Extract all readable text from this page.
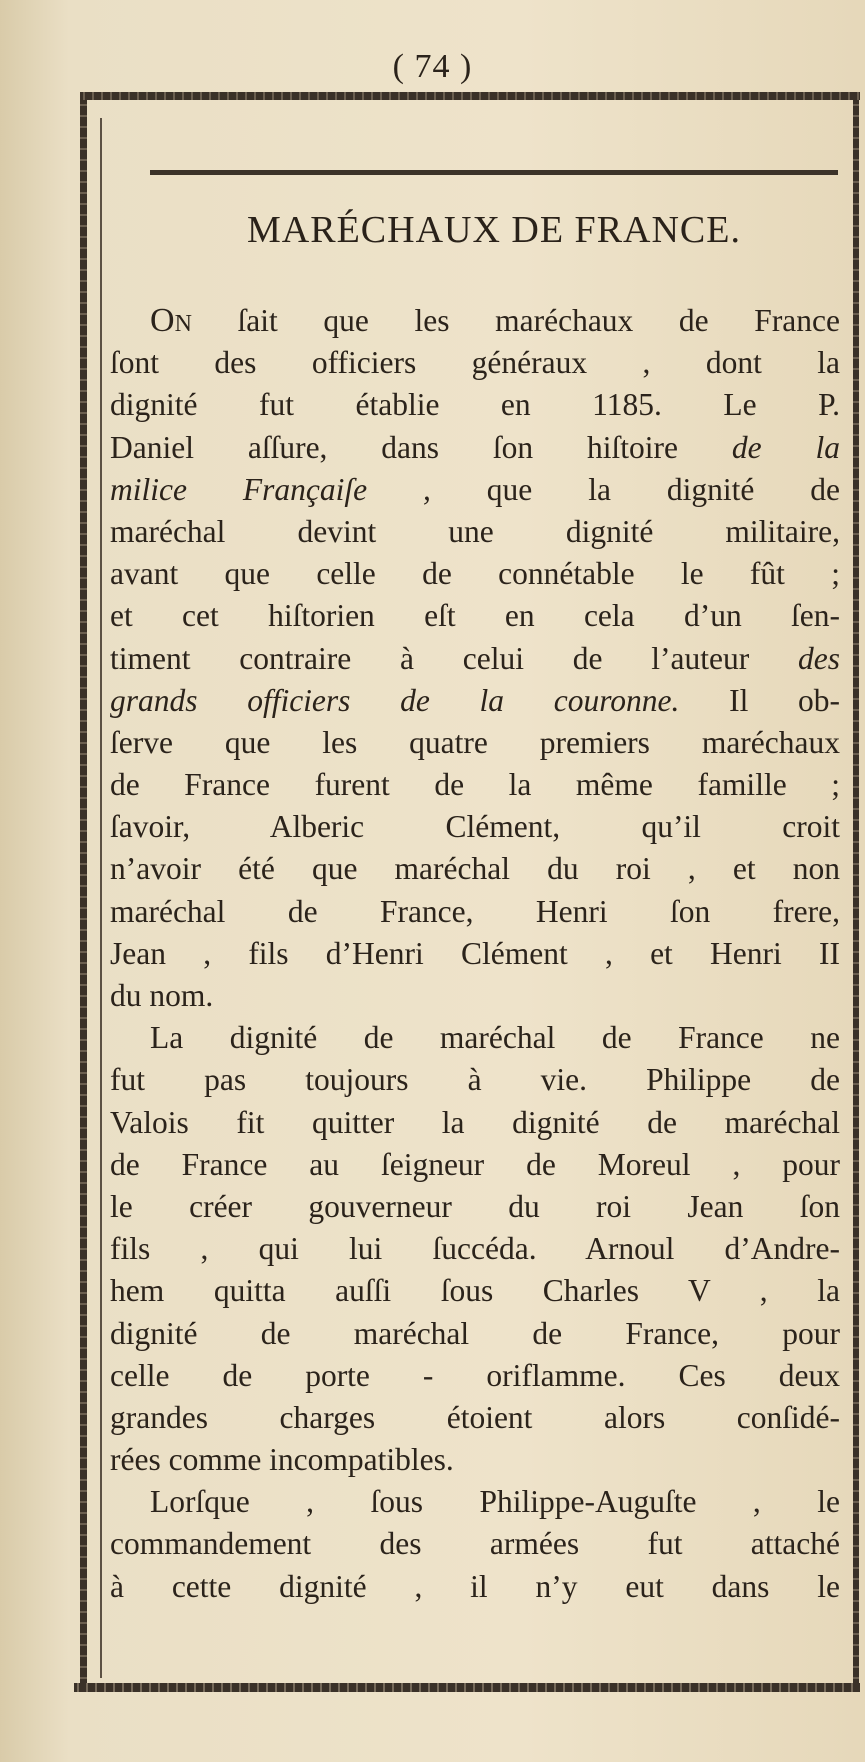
( 74 )
MARÉCHAUX DE FRANCE.
ON ſait que les maréchaux de France
ſont des officiers généraux , dont la
dignité fut établie en 1185. Le P.
Daniel aſſure, dans ſon hiſtoire de la
milice Françaiſe , que la dignité de
maréchal devint une dignité militaire,
avant que celle de connétable le fût ;
et cet hiſtorien eſt en cela d’un ſen-
timent contraire à celui de l’auteur des
grands officiers de la couronne. Il ob-
ſerve que les quatre premiers maréchaux
de France furent de la même famille ;
ſavoir, Alberic Clément, qu’il croit
n’avoir été que maréchal du roi , et non
maréchal de France, Henri ſon frere,
Jean , fils d’Henri Clément , et Henri II
du nom.
La dignité de maréchal de France ne
fut pas toujours à vie. Philippe de
Valois fit quitter la dignité de maréchal
de France au ſeigneur de Moreul , pour
le créer gouverneur du roi Jean ſon
fils , qui lui ſuccéda. Arnoul d’Andre-
hem quitta auſſi ſous Charles V , la
dignité de maréchal de France, pour
celle de porte - oriflamme. Ces deux
grandes charges étoient alors conſidé-
rées comme incompatibles.
Lorſque , ſous Philippe-Auguſte , le
commandement des armées fut attaché
à cette dignité , il n’y eut dans le
